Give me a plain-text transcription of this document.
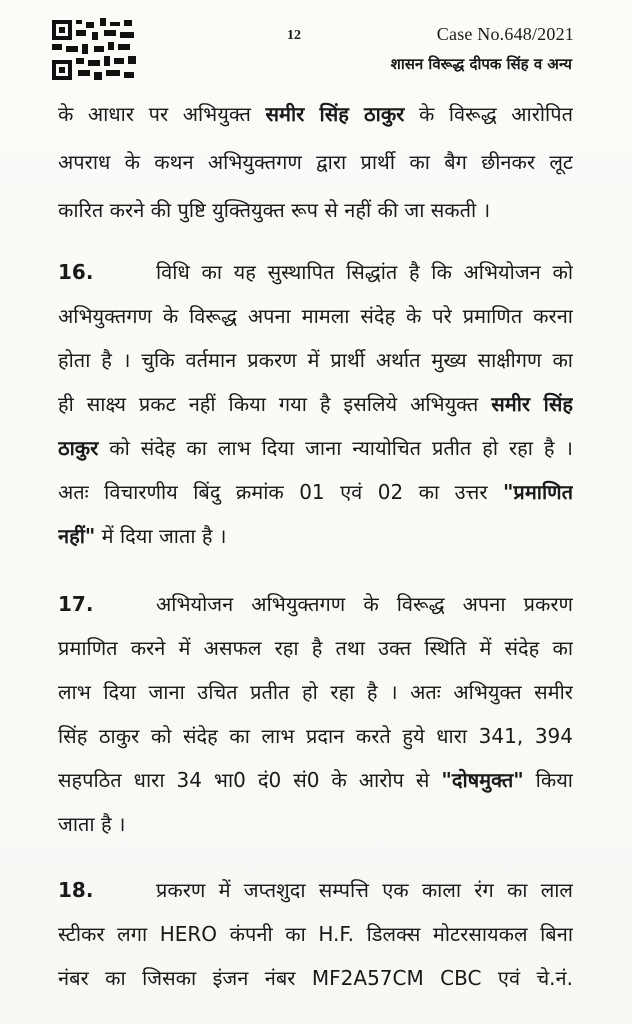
12	Case No.648/2021
शासन विरूद्ध दीपक सिंह व अन्य
के आधार पर अभियुक्त समीर सिंह ठाकुर के विरूद्ध आरोपित
अपराध के कथन अभियुक्तगण द्वारा प्रार्थी का बैग छीनकर लूट
कारित करने की पुष्टि युक्तियुक्त रूप से नहीं की जा सकती ।
16.	विधि का यह सुस्थापित सिद्धांत है कि अभियोजन को
अभियुक्तगण के विरूद्ध अपना मामला संदेह के परे प्रमाणित करना
होता है । चुकि वर्तमान प्रकरण में प्रार्थी अर्थात मुख्य साक्षीगण का
ही साक्ष्य प्रकट नहीं किया गया है इसलिये अभियुक्त समीर सिंह
ठाकुर को संदेह का लाभ दिया जाना न्यायोचित प्रतीत हो रहा है ।
अतः विचारणीय बिंदु क्रमांक 01 एवं 02 का उत्तर "प्रमाणित
नहीं" में दिया जाता है ।
17.	अभियोजन अभियुक्तगण के विरूद्ध अपना प्रकरण
प्रमाणित करने में असफल रहा है तथा उक्त स्थिति में संदेह का
लाभ दिया जाना उचित प्रतीत हो रहा है । अतः अभियुक्त समीर
सिंह ठाकुर को संदेह का लाभ प्रदान करते हुये धारा 341, 394
सहपठित धारा 34 भा0 दं0 सं0 के आरोप से "दोषमुक्त" किया
जाता है ।
18.	प्रकरण में जप्तशुदा सम्पत्ति एक काला रंग का लाल
स्टीकर लगा HERO कंपनी का H.F. डिलक्स मोटरसायकल बिना
नंबर का जिसका इंजन नंबर MF2A57CM CBC एवं चे.नं.
